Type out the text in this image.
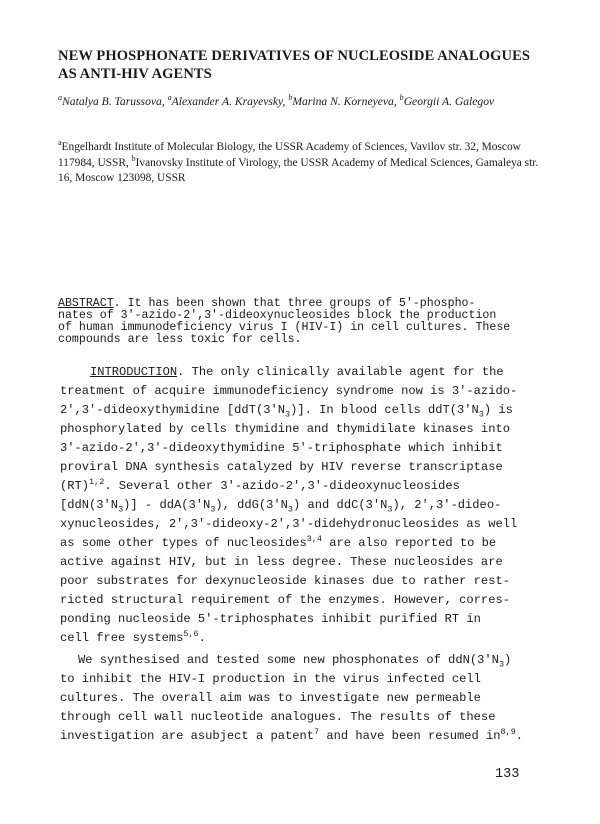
NEW PHOSPHONATE DERIVATIVES OF NUCLEOSIDE ANALOGUES AS ANTI-HIV AGENTS
$^a$Natalya B. Tarussova, $^a$Alexander A. Krayevsky, $^b$Marina N. Korneyeva, $^b$Georgii A. Galegov
$^a$Engelhardt Institute of Molecular Biology, the USSR Academy of Sciences, Vavilov str. 32, Moscow 117984, USSR, $^b$Ivanovsky Institute of Virology, the USSR Academy of Medical Sciences, Gamaleya str. 16, Moscow 123098, USSR
ABSTRACT. It has been shown that three groups of 5'-phospho-
nates of 3'-azido-2',3'-dideoxynucleosides block the production
of human immunodeficiency virus I (HIV-I) in cell cultures. These
compounds are less toxic for cells.
INTRODUCTION. The only clinically available agent for the
treatment of acquire immunodeficiency syndrome now is 3'-azido-
2',3'-dideoxythymidine $[ddT(3'N_3)]$. In blood cells $ddT(3'N_3)$ is
phosphorylated by cells thymidine and thymidilate kinases into
3'-azido-2',3'-dideoxythymidine 5'-triphosphate which inhibit
proviral DNA synthesis catalyzed by HIV reverse transcriptase
(RT)$^{1,2}$. Several other 3'-azido-2',3'-dideoxynucleosides
$[ddN(3'N_3)] - ddA(3'N_3)$, $ddG(3'N_3)$ and $ddC(3'N_3)$, 2',3'-dideo-
xynucleosides, 2',3'-dideoxy-2',3'-didehydronucleosides as well
as some other types of nucleosides$^{3,4}$ are also reported to be
active against HIV, but in less degree. These nucleosides are
poor substrates for dexynucleoside kinases due to rather rest-
ricted structural requirement of the enzymes. However, corres-
ponding nucleoside 5'-triphosphates inhibit purified RT in
cell free systems$^{5,6}$.
We synthesised and tested some new phosphonates of $ddN(3'N_3)$
to inhibit the HIV-I production in the virus infected cell
cultures. The overall aim was to investigate new permeable
through cell wall nucleotide analogues. The results of these
investigation are asubject a patent$^7$ and have been resumed in$^{8,9}$.
133
